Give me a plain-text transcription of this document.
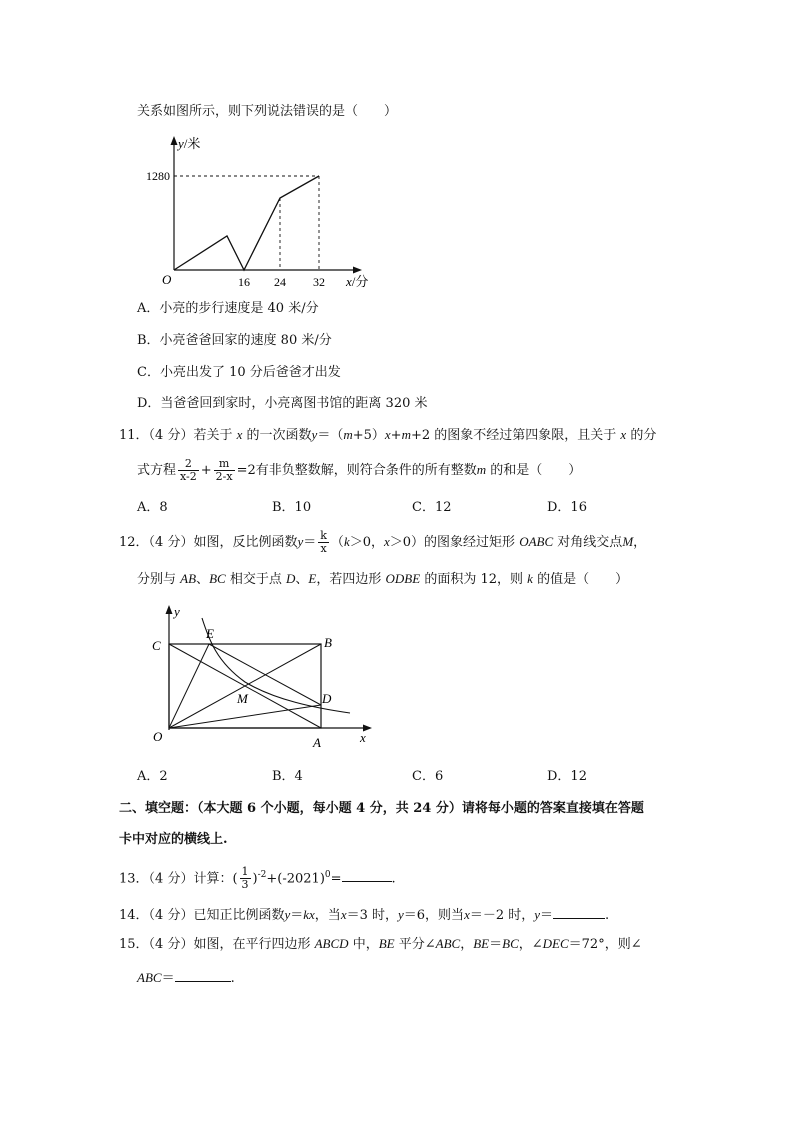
关系如图所示，则下列说法错误的是（　　）
y/米
1280
O	16 24 32 x/分
A．小亮的步行速度是 40 米/分
B．小亮爸爸回家的速度 80 米/分
C．小亮出发了 10 分后爸爸才出发
D．当爸爸回到家时，小亮离图书馆的距离 320 米
11．（4 分）若关于 x 的一次函数y＝（m+5）x+m+2 的图象不经过第四象限，且关于 x 的分
式方程 $\frac{2}{x-2} + \frac{m}{2-x} =2$有非负整数解，则符合条件的所有整数m 的和是（　　）
A．8	B．10	C．12	D．16
12．（4 分）如图，反比例函数$y= \frac{k}{x} (k>0$，x＞0）的图象经过矩形 OABC 对角线交点M，
分别与 AB、BC 相交于点 D、E，若四边形 ODBE 的面积为 12，则 k 的值是（　　）
y
x
O	A
B
C
D
E
M
A．2	B．4	C．6	D．12
二、填空题：（本大题 6 个小题，每小题 4 分，共 24 分）请将每小题的答案直接填在答题
卡中对应的横线上.
13．（4 分）计算：( $\frac{1}{3} )^{-2}+(-2021)^0=$	.
14．（4 分）已知正比例函数y＝kx，当x＝3 时，y＝6，则当x＝－2 时，y＝	.
15．（4 分）如图，在平行四边形 ABCD 中，BE 平分∠ABC，BE＝BC，∠DEC＝72°，则∠
ABC＝	.
